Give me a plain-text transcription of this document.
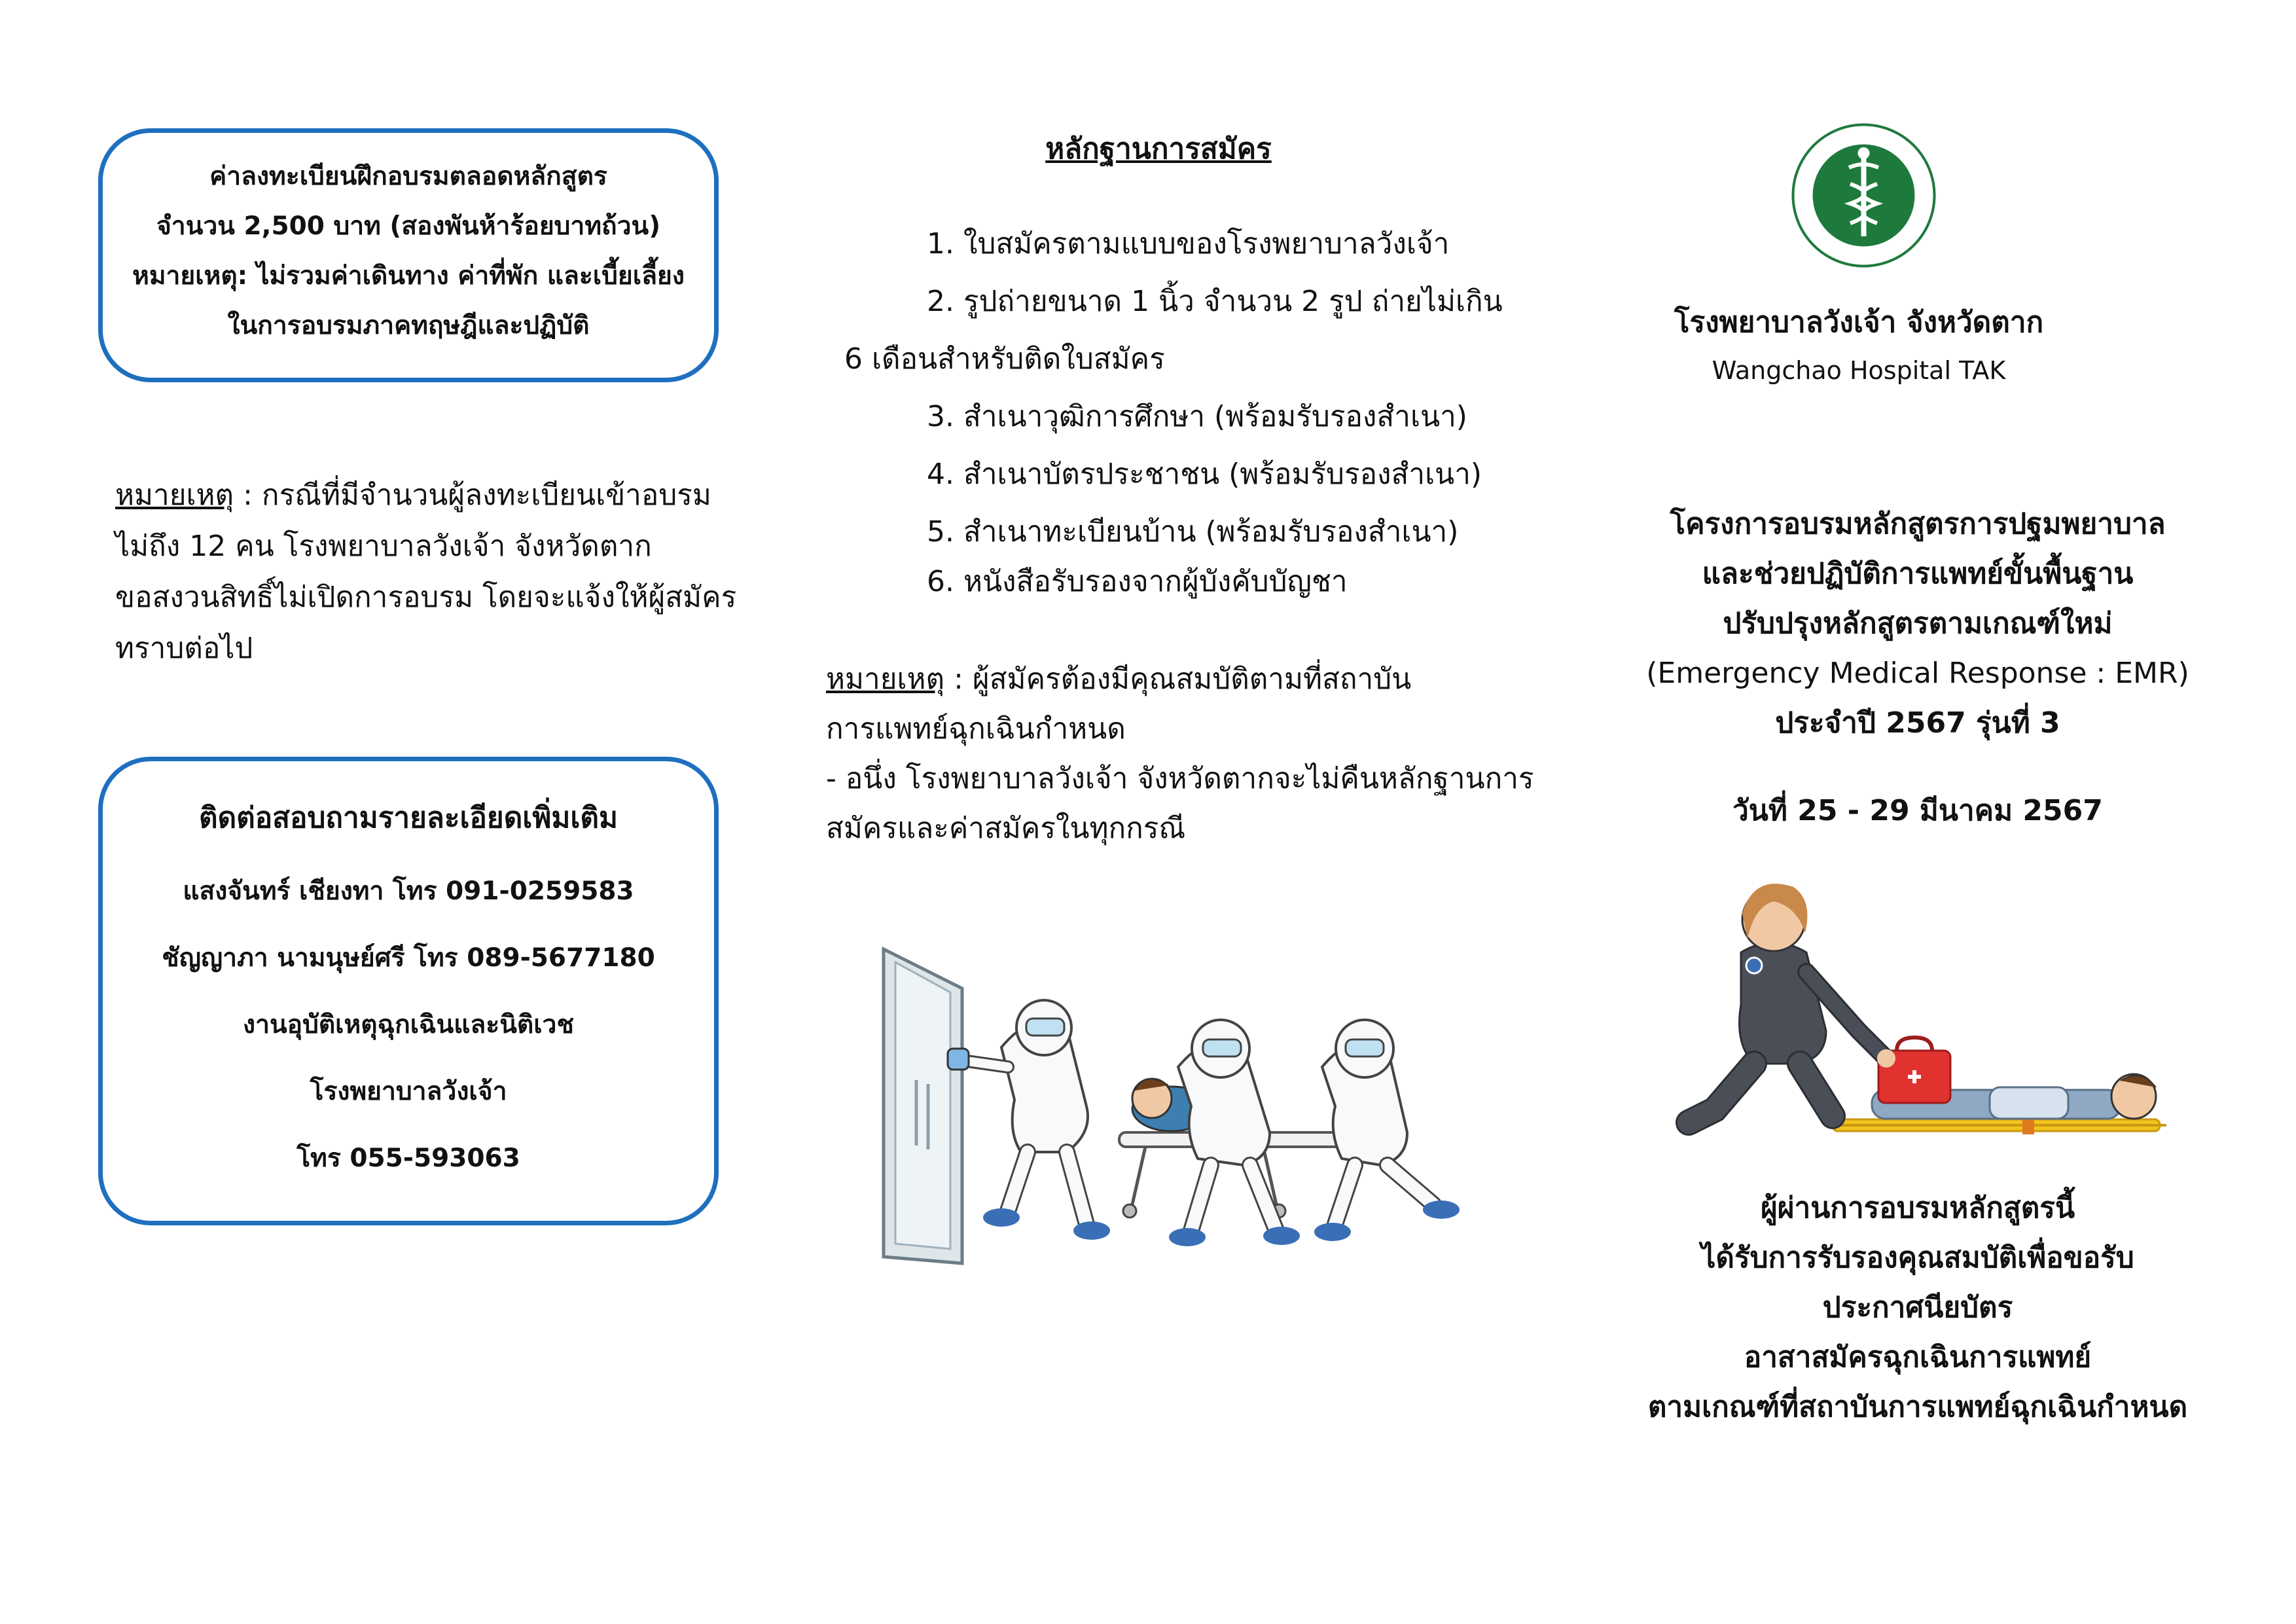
ค่าลงทะเบียนฝึกอบรมตลอดหลักสูตร
จำนวน 2,500 บาท (สองพันห้าร้อยบาทถ้วน)
หมายเหตุ: ไม่รวมค่าเดินทาง ค่าที่พัก และเบี้ยเลี้ยง
ในการอบรมภาคทฤษฎีและปฏิบัติ
หมายเหตุ : กรณีที่มีจำนวนผู้ลงทะเบียนเข้าอบรม
ไม่ถึง 12 คน โรงพยาบาลวังเจ้า จังหวัดตาก
ขอสงวนสิทธิ์ไม่เปิดการอบรม โดยจะแจ้งให้ผู้สมัคร
ทราบต่อไป
ติดต่อสอบถามรายละเอียดเพิ่มเติม
แสงจันทร์ เชียงทา โทร 091-0259583
ชัญญาภา นามนุษย์ศรี โทร 089-5677180
งานอุบัติเหตุฉุกเฉินและนิติเวช
โรงพยาบาลวังเจ้า
โทร 055-593063
หลักฐานการสมัคร
1. ใบสมัครตามแบบของโรงพยาบาลวังเจ้า
2. รูปถ่ายขนาด 1 นิ้ว จำนวน 2 รูป ถ่ายไม่เกิน
6 เดือนสำหรับติดใบสมัคร
3. สำเนาวุฒิการศึกษา (พร้อมรับรองสำเนา)
4. สำเนาบัตรประชาชน (พร้อมรับรองสำเนา)
5. สำเนาทะเบียนบ้าน (พร้อมรับรองสำเนา)
6. หนังสือรับรองจากผู้บังคับบัญชา
หมายเหตุ : ผู้สมัครต้องมีคุณสมบัติตามที่สถาบัน
การแพทย์ฉุกเฉินกำหนด
- อนึ่ง โรงพยาบาลวังเจ้า จังหวัดตากจะไม่คืนหลักฐานการ
สมัครและค่าสมัครในทุกกรณี
โรงพยาบาลวังเจ้า จังหวัดตาก
Wangchao Hospital TAK
โครงการอบรมหลักสูตรการปฐมพยาบาล
และช่วยปฏิบัติการแพทย์ขั้นพื้นฐาน
ปรับปรุงหลักสูตรตามเกณฑ์ใหม่
(Emergency Medical Response : EMR)
ประจำปี 2567 รุ่นที่ 3
วันที่ 25 - 29 มีนาคม 2567
ผู้ผ่านการอบรมหลักสูตรนี้
ได้รับการรับรองคุณสมบัติเพื่อขอรับ
ประกาศนียบัตร
อาสาสมัครฉุกเฉินการแพทย์
ตามเกณฑ์ที่สถาบันการแพทย์ฉุกเฉินกำหนด
